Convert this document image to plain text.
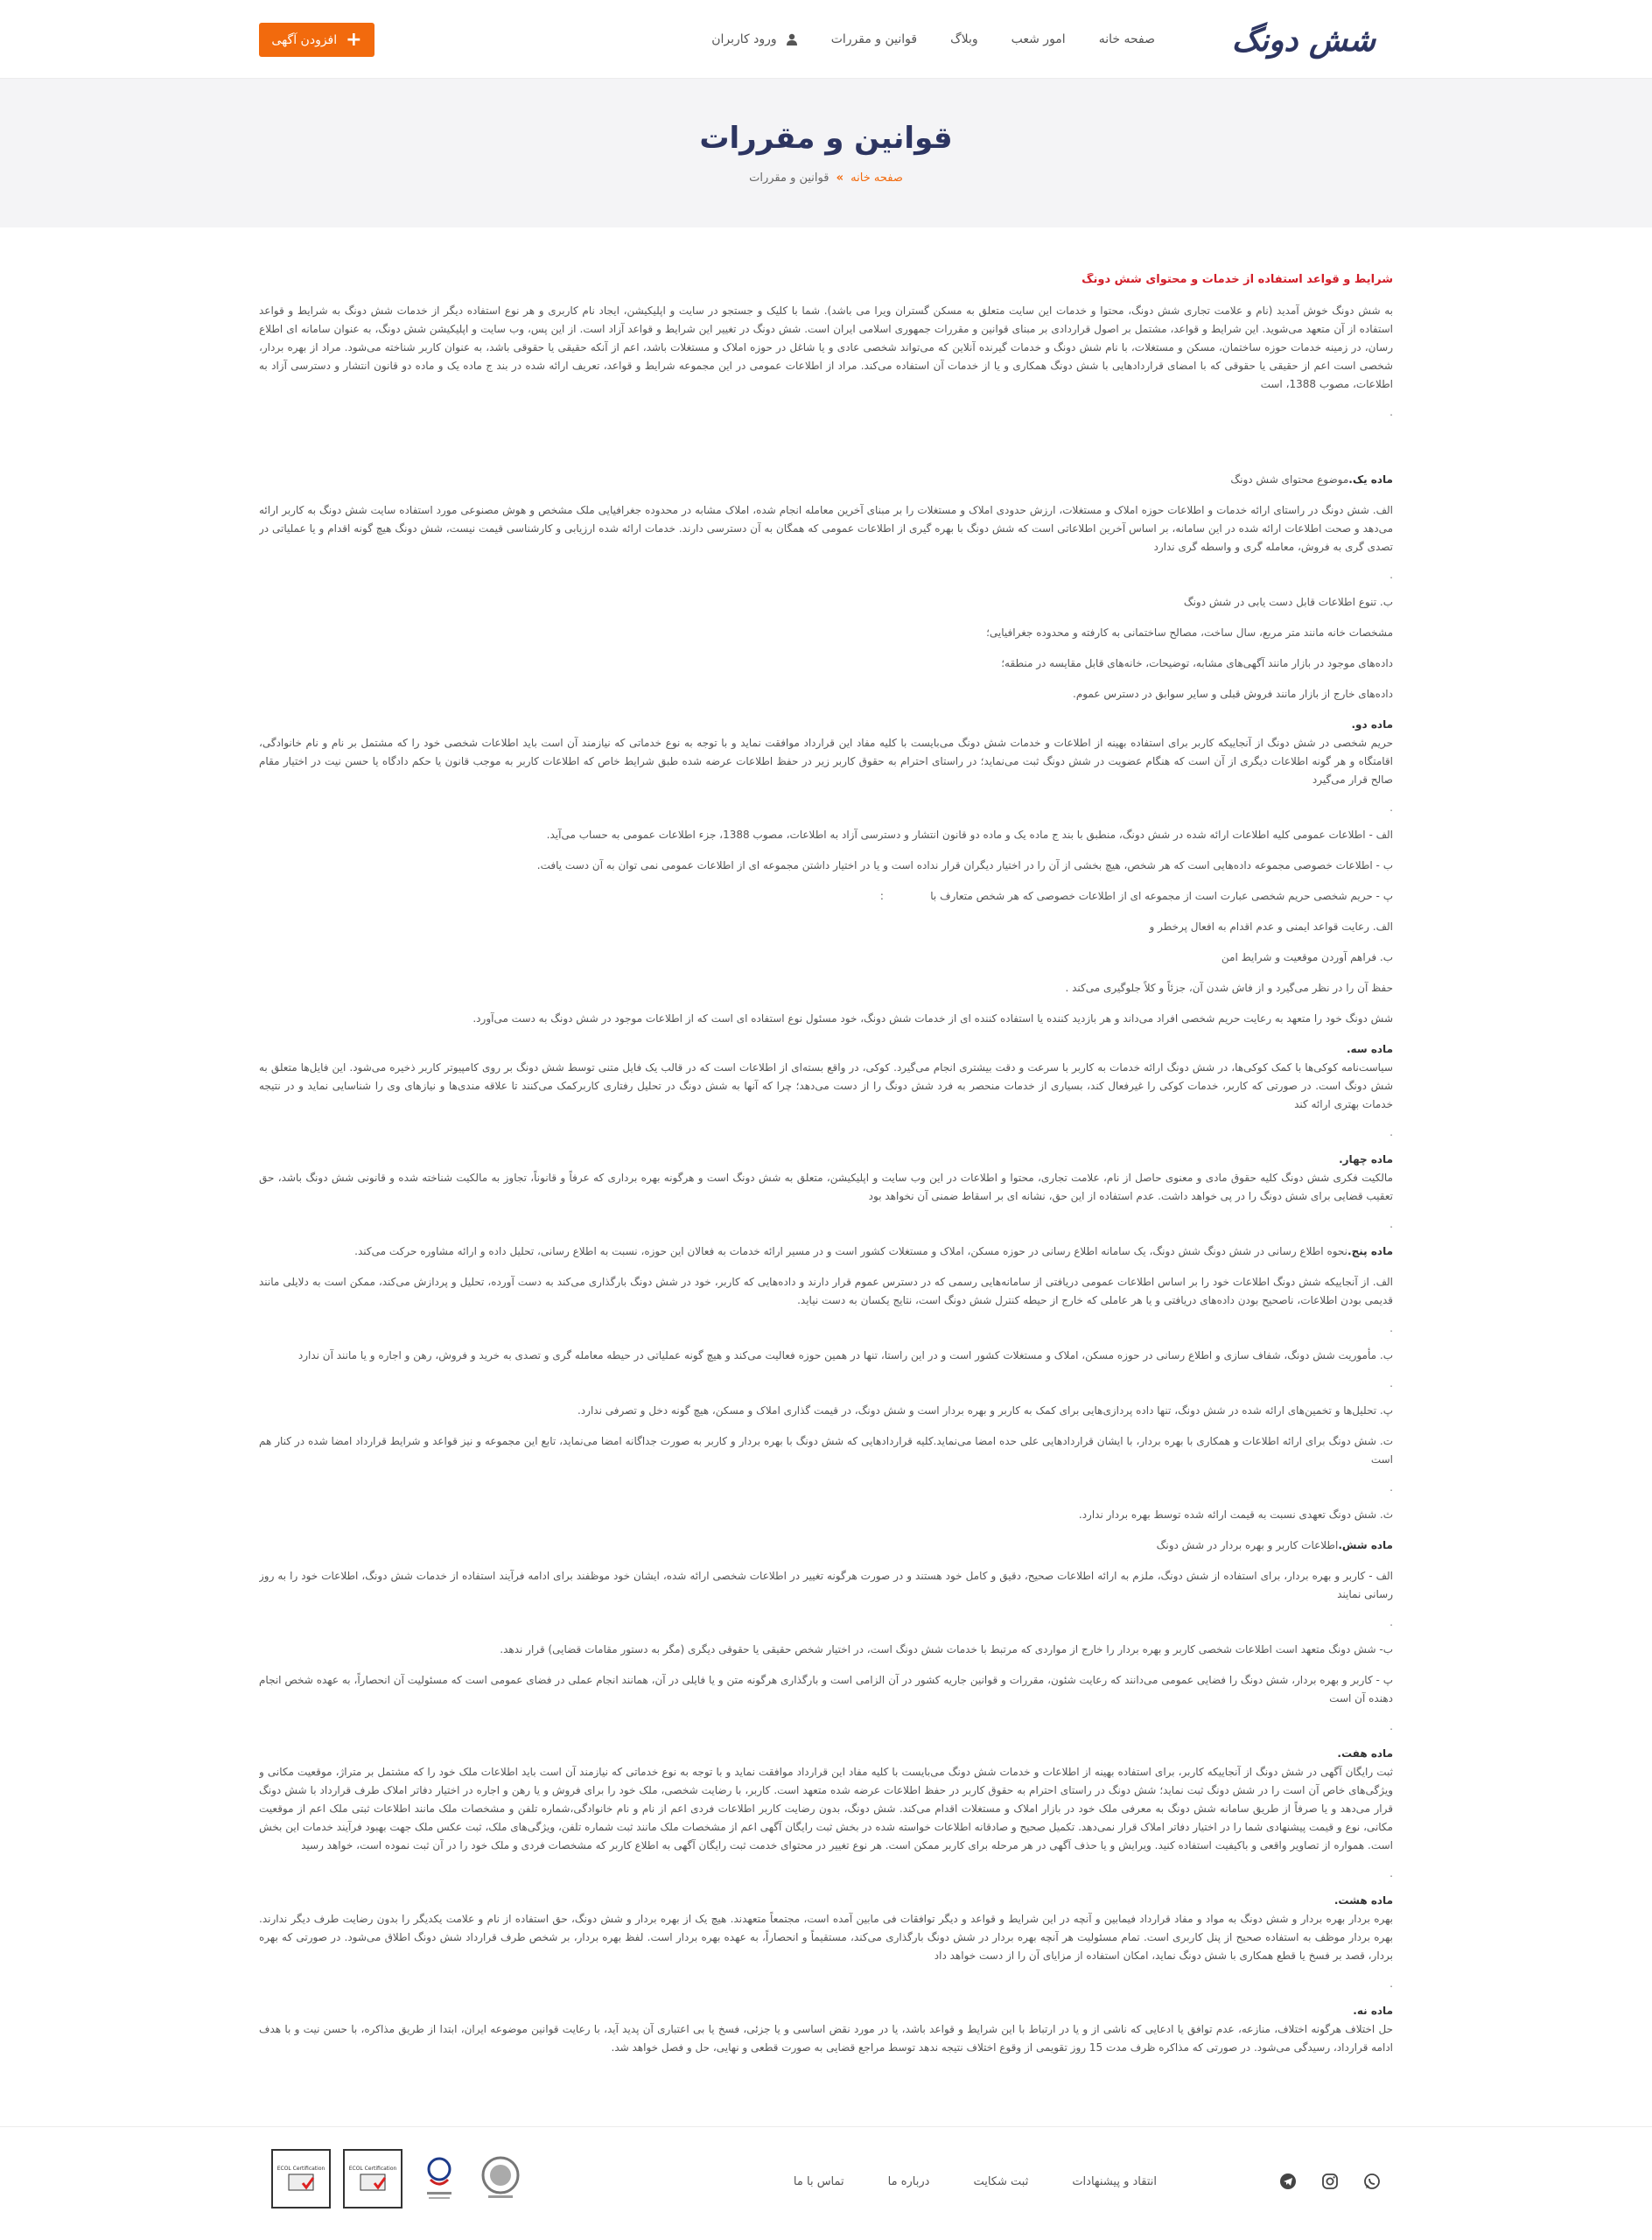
شش دونگ
صفحه خانه
امور شعب
وبلاگ
قوانین و مقررات
ورود کاربران
+
افزودن آگهی
قوانین و مقررات
صفحه خانه » قوانین و مقررات
شرایط و قواعد استفاده از خدمات و محتوای شش دونگ

به شش دونگ خوش آمدید (نام و علامت تجاری شش دونگ، محتوا و خدمات این سایت متعلق به مسکن گستران ویرا می باشد). شما با کلیک و جستجو در سایت و اپلیکیشن، ایجاد نام کاربری و هر نوع استفاده دیگر از خدمات شش دونگ به شرایط و قواعد استفاده از آن متعهد می‌شوید. این شرایط و قواعد، مشتمل بر اصول قراردادی بر مبنای قوانین و مقررات جمهوری اسلامی ایران است. شش دونگ در تغییر این شرایط و قواعد آزاد است. از این پس، وب سایت و اپلیکیشن شش دونگ، به عنوان سامانه ای اطلاع رسان، در زمینه خدمات حوزه ساختمان، مسکن و مستغلات، با نام شش دونگ و خدمات گیرنده آنلاین که می‌تواند شخصی عادی و یا شاغل در حوزه املاک و مستغلات باشد، اعم از آنکه حقیقی یا حقوقی باشد، به عنوان کاربر شناخته می‌شود. مراد از بهره بردار، شخصی است اعم از حقیقی یا حقوقی که با امضای قراردادهایی با شش دونگ همکاری و یا از خدمات آن استفاده می‌کند. مراد از اطلاعات عمومی در این مجموعه شرایط و قواعد، تعریف ارائه شده در بند ج ماده یک و ماده دو قانون انتشار و دسترسی آزاد به اطلاعات، مصوب 1388، است

.

ماده یک.موضوع محتوای شش دونگ

الف. شش دونگ در راستای ارائه خدمات و اطلاعات حوزه املاک و مستغلات، ارزش حدودی املاک و مستغلات را بر مبنای آخرین معامله انجام شده، املاک مشابه در محدوده جغرافیایی ملک مشخص و هوش مصنوعی مورد استفاده سایت شش دونگ به کاربر ارائه می‌دهد و صحت اطلاعات ارائه شده در این سامانه، بر اساس آخرین اطلاعاتی است که شش دونگ با بهره گیری از اطلاعات عمومی که همگان به آن دسترسی دارند. خدمات ارائه شده ارزیابی و کارشناسی قیمت نیست، شش دونگ هیچ گونه اقدام و یا عملیاتی در تصدی گری به فروش، معامله گری و واسطه گری ندارد

.

ب. تنوع اطلاعات قابل دست یابی در شش دونگ

مشخصات خانه مانند متر مربع، سال ساخت، مصالح ساختمانی به کارفته و محدوده جغرافیایی؛

داده‌های موجود در بازار مانند آگهی‌های مشابه، توضیحات، خانه‌های قابل مقایسه در منطقه؛

داده‌های خارج از بازار مانند فروش قبلی و سایر سوابق در دسترس عموم.

ماده دو.
حریم شخصی در شش دونگ از آنجاییکه کاربر برای استفاده بهینه از اطلاعات و خدمات شش دونگ می‌بایست با کلیه مفاد این قرارداد موافقت نماید و با توجه به نوع خدماتی که نیازمند آن است باید اطلاعات شخصی خود را که مشتمل بر نام و نام خانوادگی، اقامتگاه و هر گونه اطلاعات دیگری از آن است که هنگام عضویت در شش دونگ ثبت می‌نماید؛ در راستای احترام به حقوق کاربر زیر در حفظ اطلاعات عرضه شده طبق شرایط خاص که اطلاعات کاربر به موجب قانون یا حکم دادگاه یا حسن نیت در اختیار مقام صالح قرار می‌گیرد

.

الف - اطلاعات عمومی کلیه اطلاعات ارائه شده در شش دونگ، منطبق با بند ج ماده یک و ماده دو قانون انتشار و دسترسی آزاد به اطلاعات، مصوب 1388، جزء اطلاعات عمومی به حساب می‌آید.

ب - اطلاعات خصوصی مجموعه داده‌هایی است که هر شخص، هیچ بخشی از آن را در اختیار دیگران قرار نداده است و یا در اختیار داشتن مجموعه ای از اطلاعات عمومی نمی توان به آن دست یافت.

پ - حریم شخصی حریم شخصی عبارت است از مجموعه ای از اطلاعات خصوصی که هر شخص متعارف با              :

الف. رعایت قواعد ایمنی و عدم اقدام به افعال پرخطر و

ب. فراهم آوردن موقعیت و شرایط امن

حفظ آن را در نظر می‌گیرد و از فاش شدن آن، جزئاً و کلاً جلوگیری می‌کند .

شش دونگ خود را متعهد به رعایت حریم شخصی افراد می‌داند و هر بازدید کننده یا استفاده کننده ای از خدمات شش دونگ، خود مسئول نوع استفاده ای است که از اطلاعات موجود در شش دونگ به دست می‌آورد.

ماده سه.
سیاست‌نامه کوکی‌ها با کمک کوکی‌ها، در شش دونگ ارائه خدمات به کاربر با سرعت و دقت بیشتری انجام می‌گیرد. کوکی، در واقع بسته‌ای از اطلاعات است که در قالب یک فایل متنی توسط شش دونگ بر روی کامپیوتر کاربر ذخیره می‌شود. این فایل‌ها متعلق به شش دونگ است. در صورتی که کاربر، خدمات کوکی را غیرفعال کند، بسیاری از خدمات منحصر به فرد شش دونگ را از دست می‌دهد؛ چرا که آنها به شش دونگ در تحلیل رفتاری کاربرکمک می‌کنند تا علاقه مندی‌ها و نیازهای وی را شناسایی نماید و در نتیجه خدمات بهتری ارائه کند

.

ماده چهار.
مالکیت فکری شش دونگ کلیه حقوق مادی و معنوی حاصل از نام، علامت تجاری، محتوا و اطلاعات در این وب سایت و اپلیکیشن، متعلق به شش دونگ است و هرگونه بهره برداری که عرفاً و قانوناً، تجاوز به مالکیت شناخته شده و قانونی شش دونگ باشد، حق تعقیب قضایی برای شش دونگ را در پی خواهد داشت. عدم استفاده از این حق، نشانه ای بر اسقاط ضمنی آن نخواهد بود

.

ماده پنج.نحوه اطلاع رسانی در شش دونگ شش دونگ، یک سامانه اطلاع رسانی در حوزه مسکن، املاک و مستغلات کشور است و در مسیر ارائه خدمات به فعالان این حوزه، نسبت به اطلاع رسانی، تحلیل داده و ارائه مشاوره حرکت می‌کند.

الف. از آنجاییکه شش دونگ اطلاعات خود را بر اساس اطلاعات عمومی دریافتی از سامانه‌هایی رسمی که در دسترس عموم قرار دارند و داده‌هایی که کاربر، خود در شش دونگ بارگذاری می‌کند به دست آورده، تحلیل و پردازش می‌کند، ممکن است به دلایلی مانند قدیمی بودن اطلاعات، ناصحیح بودن داده‌های دریافتی و یا هر عاملی که خارج از حیطه کنترل شش دونگ است، نتایج یکسان به دست نیاید.

.

ب. مأموریت شش دونگ، شفاف سازی و اطلاع رسانی در حوزه مسکن، املاک و مستغلات کشور است و در این راستا، تنها در همین حوزه فعالیت می‌کند و هیچ گونه عملیاتی در حیطه معامله گری و تصدی به خرید و فروش، رهن و اجاره و یا مانند آن ندارد

.

پ. تحلیل‌ها و تخمین‌های ارائه شده در شش دونگ، تنها داده پردازی‌هایی برای کمک به کاربر و بهره بردار است و شش دونگ، در قیمت گذاری املاک و مسکن، هیچ گونه دخل و تصرفی ندارد.

ت. شش دونگ برای ارائه اطلاعات و همکاری با بهره بردار، با ایشان قراردادهایی علی حده امضا می‌نماید.کلیه قراردادهایی که شش دونگ با بهره بردار و کاربر به صورت جداگانه امضا می‌نماید، تابع این مجموعه و نیز قواعد و شرایط قرارداد امضا شده در کنار هم است

.

ث. شش دونگ تعهدی نسبت به قیمت ارائه شده توسط بهره بردار ندارد.

ماده شش.اطلاعات کاربر و بهره بردار در شش دونگ

الف - کاربر و بهره بردار، برای استفاده از شش دونگ، ملزم به ارائه اطلاعات صحیح، دقیق و کامل خود هستند و در صورت هرگونه تغییر در اطلاعات شخصی ارائه شده، ایشان خود موظفند برای ادامه فرآیند استفاده از خدمات شش دونگ، اطلاعات خود را به روز رسانی نمایند

.

ب- شش دونگ متعهد است اطلاعات شخصی کاربر و بهره بردار را خارج از مواردی که مرتبط با خدمات شش دونگ است، در اختیار شخص حقیقی یا حقوقی دیگری (مگر به دستور مقامات قضایی) قرار ندهد.

پ - کاربر و بهره بردار، شش دونگ را فضایی عمومی می‌دانند که رعایت شئون، مقررات و قوانین جاریه کشور در آن الزامی است و بارگذاری هرگونه متن و یا فایلی در آن، همانند انجام عملی در فضای عمومی است که مسئولیت آن انحصاراً، به عهده شخص انجام دهنده آن است

.

ماده هفت.
ثبت رایگان آگهی در شش دونگ از آنجاییکه کاربر، برای استفاده بهینه از اطلاعات و خدمات شش دونگ می‌بایست با کلیه مفاد این قرارداد موافقت نماید و با توجه به نوع خدماتی که نیازمند آن است باید اطلاعات ملک خود را که مشتمل بر متراژ، موقعیت مکانی و ویژگی‌های خاص آن است را در شش دونگ ثبت نماید؛ شش دونگ در راستای احترام به حقوق کاربر در حفظ اطلاعات عرضه شده متعهد است. کاربر، با رضایت شخصی، ملک خود را برای فروش و یا رهن و اجاره در اختیار دفاتر املاک طرف قرارداد با شش دونگ قرار می‌دهد و یا صرفاً از طریق سامانه شش دونگ به معرفی ملک خود در بازار املاک و مستغلات اقدام می‌کند. شش دونگ، بدون رضایت کاربر اطلاعات فردی اعم از نام و نام خانوادگی،شماره تلفن و مشخصات ملک مانند اطلاعات ثبتی ملک اعم از موقعیت مکانی، نوع و قیمت پیشنهادی شما را در اختیار دفاتر املاک قرار نمی‌دهد. تکمیل صحیح و صادقانه اطلاعات خواسته شده در بخش ثبت رایگان آگهی اعم از مشخصات ملک مانند ثبت شماره تلفن، ویژگی‌های ملک، ثبت عکس ملک جهت بهبود فرآیند خدمات این بخش است. همواره از تصاویر واقعی و باکیفیت استفاده کنید. ویرایش و یا حذف آگهی در هر مرحله برای کاربر ممکن است. هر نوع تغییر در محتوای خدمت ثبت رایگان آگهی به اطلاع کاربر که مشخصات فردی و ملک خود را در آن ثبت نموده است، خواهد رسید

.

ماده هشت.
بهره بردار بهره بردار و شش دونگ به مواد و مفاد قرارداد فیمابین و آنچه در این شرایط و قواعد و دیگر توافقات فی مابین آمده است، مجتمعاً متعهدند. هیچ یک از بهره بردار و شش دونگ، حق استفاده از نام و علامت یکدیگر را بدون رضایت طرف دیگر ندارند. بهره بردار موظف به استفاده صحیح از پنل کاربری است. تمام مسئولیت هر آنچه بهره بردار در شش دونگ بارگذاری می‌کند، مستقیماً و انحصاراً، به عهده بهره بردار است. لفظ بهره بردار، بر شخص طرف قرارداد شش دونگ اطلاق می‌شود. در صورتی که بهره بردار، قصد بر فسخ یا قطع همکاری با شش دونگ نماید، امکان استفاده از مزایای آن را از دست خواهد داد

.

ماده نه.
حل اختلاف هرگونه اختلاف، منازعه، عدم توافق یا ادعایی که ناشی از و یا در ارتباط با این شرایط و قواعد باشد، یا در مورد نقض اساسی و یا جزئی، فسخ یا بی اعتباری آن پدید آید، با رعایت قوانین موضوعه ایران، ابتدا از طریق مذاکره، با حسن نیت و با هدف ادامه قرارداد، رسیدگی می‌شود. در صورتی که مذاکره ظرف مدت 15 روز تقویمی از وقوع اختلاف نتیجه ندهد توسط مراجع قضایی به صورت قطعی و نهایی، حل و فصل خواهد شد.

انتقاد و پیشنهادات
ثبت شکایت
درباره ما
تماس با ما
ECOL Certification
ECOL Certification
